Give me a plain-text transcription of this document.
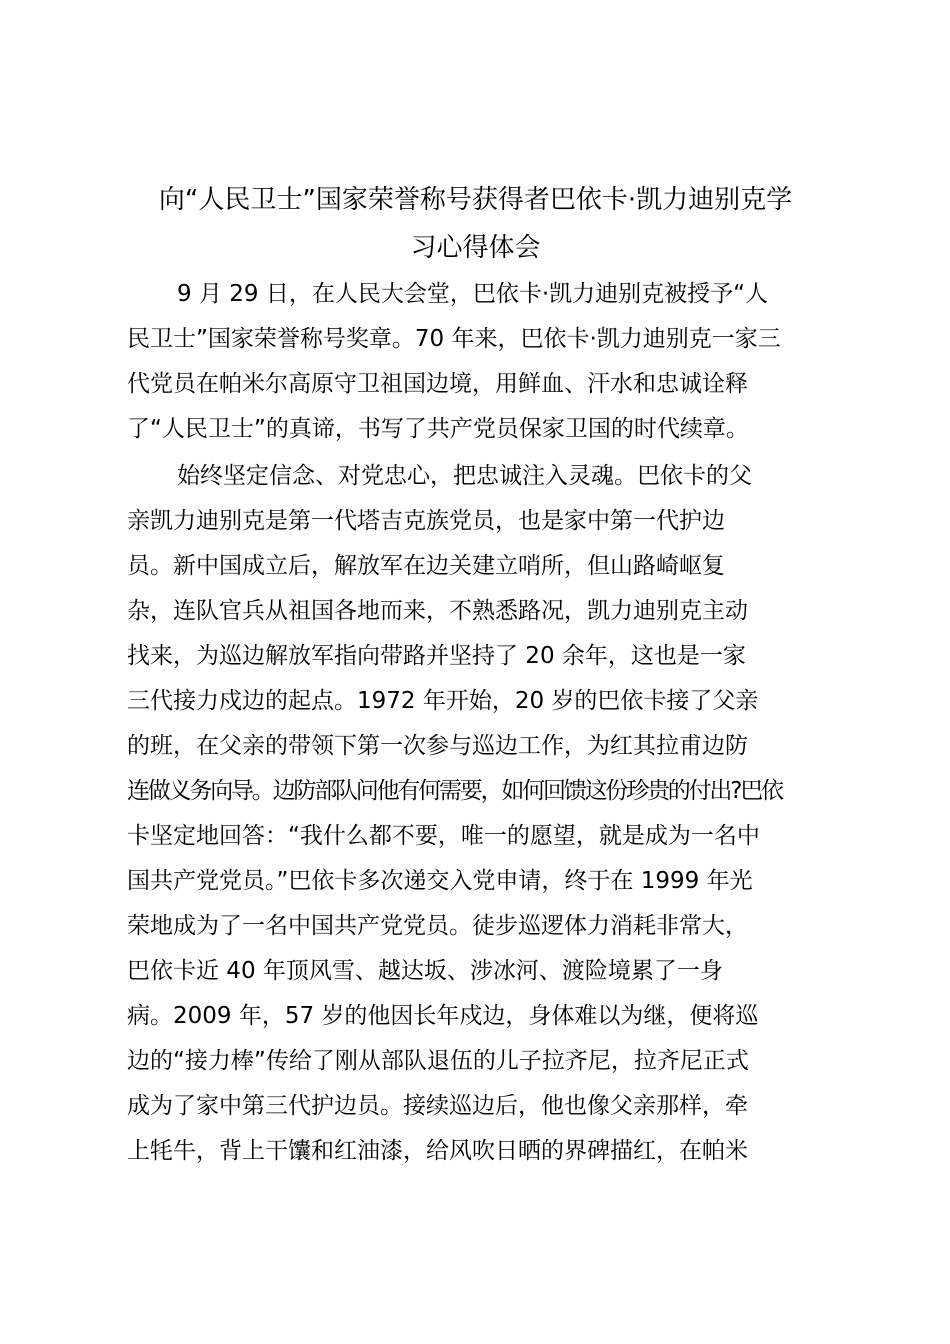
向“人民卫士”国家荣誉称号获得者巴依卡·凯力迪别克学
习心得体会
9 月 29 日，在人民大会堂，巴依卡·凯力迪别克被授予“人
民卫士”国家荣誉称号奖章。70 年来，巴依卡·凯力迪别克一家三
代党员在帕米尔高原守卫祖国边境，用鲜血、汗水和忠诚诠释
了“人民卫士”的真谛，书写了共产党员保家卫国的时代续章。
始终坚定信念、对党忠心，把忠诚注入灵魂。巴依卡的父
亲凯力迪别克是第一代塔吉克族党员，也是家中第一代护边
员。新中国成立后，解放军在边关建立哨所，但山路崎岖复
杂，连队官兵从祖国各地而来，不熟悉路况，凯力迪别克主动
找来，为巡边解放军指向带路并坚持了 20 余年，这也是一家
三代接力戍边的起点。1972 年开始，20 岁的巴依卡接了父亲
的班，在父亲的带领下第一次参与巡边工作，为红其拉甫边防
连做义务向导。边防部队问他有何需要，如何回馈这份珍贵的付出?巴依
卡坚定地回答：“我什么都不要，唯一的愿望，就是成为一名中
国共产党党员。”巴依卡多次递交入党申请，终于在 1999 年光
荣地成为了一名中国共产党党员。徒步巡逻体力消耗非常大，
巴依卡近 40 年顶风雪、越达坂、涉冰河、渡险境累了一身
病。2009 年，57 岁的他因长年戍边，身体难以为继，便将巡
边的“接力棒”传给了刚从部队退伍的儿子拉齐尼，拉齐尼正式
成为了家中第三代护边员。接续巡边后，他也像父亲那样，牵
上牦牛，背上干馕和红油漆，给风吹日晒的界碑描红，在帕米
